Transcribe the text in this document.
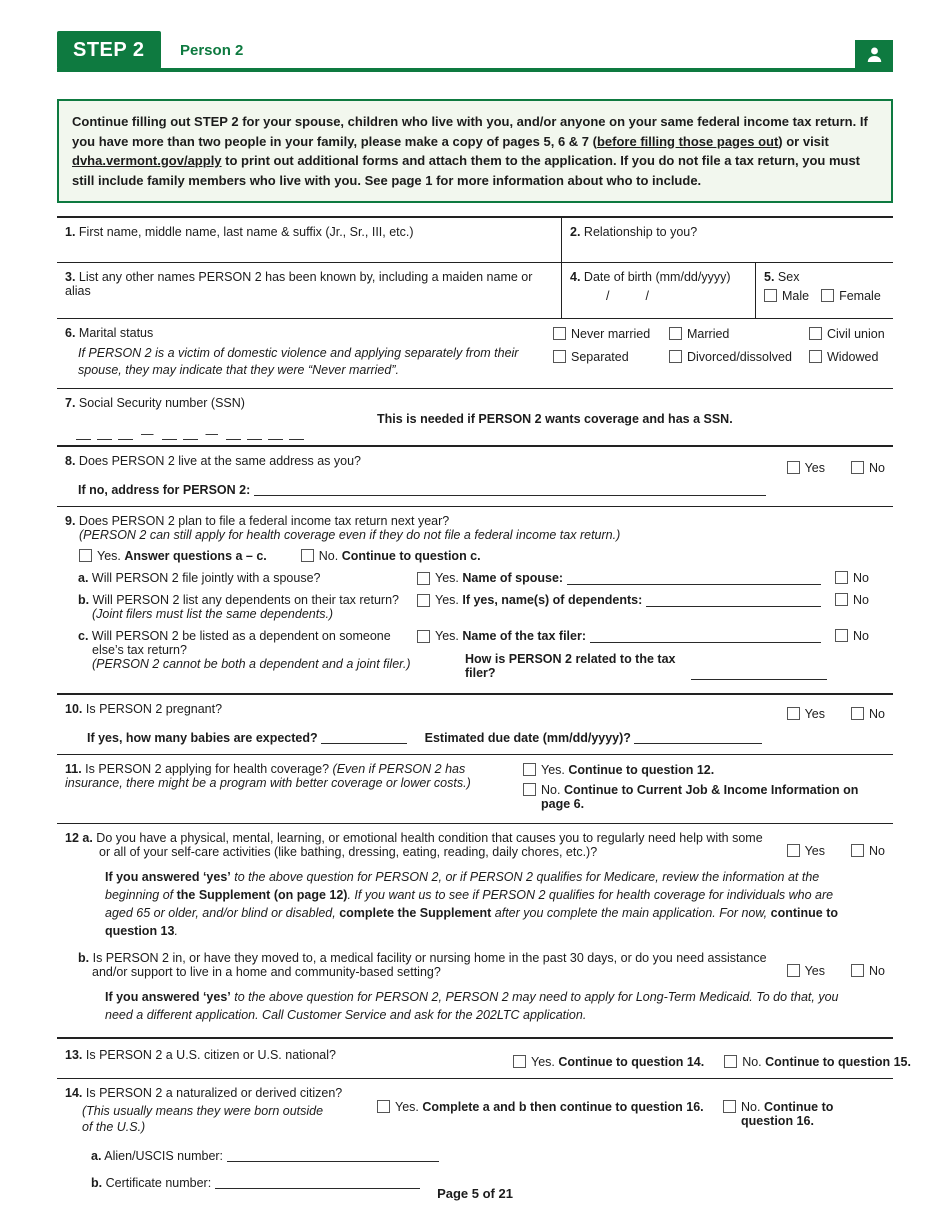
STEP 2	Person 2
Continue filling out STEP 2 for your spouse, children who live with you, and/or anyone on your same federal income tax return. If you have more than two people in your family, please make a copy of pages 5, 6 & 7 (before filling those pages out) or visit dvha.vermont.gov/apply to print out additional forms and attach them to the application. If you do not file a tax return, you must still include family members who live with you. See page 1 for more information about who to include.
1. First name, middle name, last name & suffix (Jr., Sr., III, etc.)	2. Relationship to you?
3. List any other names PERSON 2 has been known by, including a maiden name or alias
4. Date of birth (mm/dd/yyyy)
/	/
5. Sex
Male	Female
6. Marital status
If PERSON 2 is a victim of domestic violence and applying separately from their spouse, they may indicate that they were “Never married”.
Never married	Married	Civil union
Separated	Divorced/dissolved	Widowed
7. Social Security number (SSN)
This is needed if PERSON 2 wants coverage and has a SSN.
—	—
8. Does PERSON 2 live at the same address as you?	Yes	No
If no, address for PERSON 2:
9. Does PERSON 2 plan to file a federal income tax return next year?
(PERSON 2 can still apply for health coverage even if they do not file a federal income tax return.)
Yes. Answer questions a – c.	No. Continue to question c.
a. Will PERSON 2 file jointly with a spouse?	Yes. Name of spouse:	No
b. Will PERSON 2 list any dependents on their tax return?
(Joint filers must list the same dependents.)
Yes. If yes, name(s) of dependents:	No
c. Will PERSON 2 be listed as a dependent on someone else’s tax return?
(PERSON 2 cannot be both a dependent and a joint filer.)
Yes. Name of the tax filer:
How is PERSON 2 related to the tax filer?
No
10. Is PERSON 2 pregnant?	Yes	No
If yes, how many babies are expected?	Estimated due date (mm/dd/yyyy)?
11. Is PERSON 2 applying for health coverage? (Even if PERSON 2 has insurance, there might be a program with better coverage or lower costs.)
Yes. Continue to question 12.
No. Continue to Current Job & Income Information on page 6.
12 a. Do you have a physical, mental, learning, or emotional health condition that causes you to regularly need help with some or all of your self-care activities (like bathing, dressing, eating, reading, daily chores, etc.)?	Yes	No
If you answered ‘yes’ to the above question for PERSON 2, or if PERSON 2 qualifies for Medicare, review the information at the beginning of the Supplement (on page 12). If you want us to see if PERSON 2 qualifies for health coverage for individuals who are aged 65 or older, and/or blind or disabled, complete the Supplement after you complete the main application. For now, continue to question 13.
b. Is PERSON 2 in, or have they moved to, a medical facility or nursing home in the past 30 days, or do you need assistance and/or support to live in a home and community-based setting?	Yes	No
If you answered ‘yes’ to the above question for PERSON 2, PERSON 2 may need to apply for Long-Term Medicaid. To do that, you need a different application. Call Customer Service and ask for the 202LTC application.
13. Is PERSON 2 a U.S. citizen or U.S. national?	Yes. Continue to question 14.	No. Continue to question 15.
14. Is PERSON 2 a naturalized or derived citizen?
(This usually means they were born outside of the U.S.)
Yes. Complete a and b then continue to question 16.	No. Continue to question 16.
a. Alien/USCIS number:
b. Certificate number:
Page 5 of 21
